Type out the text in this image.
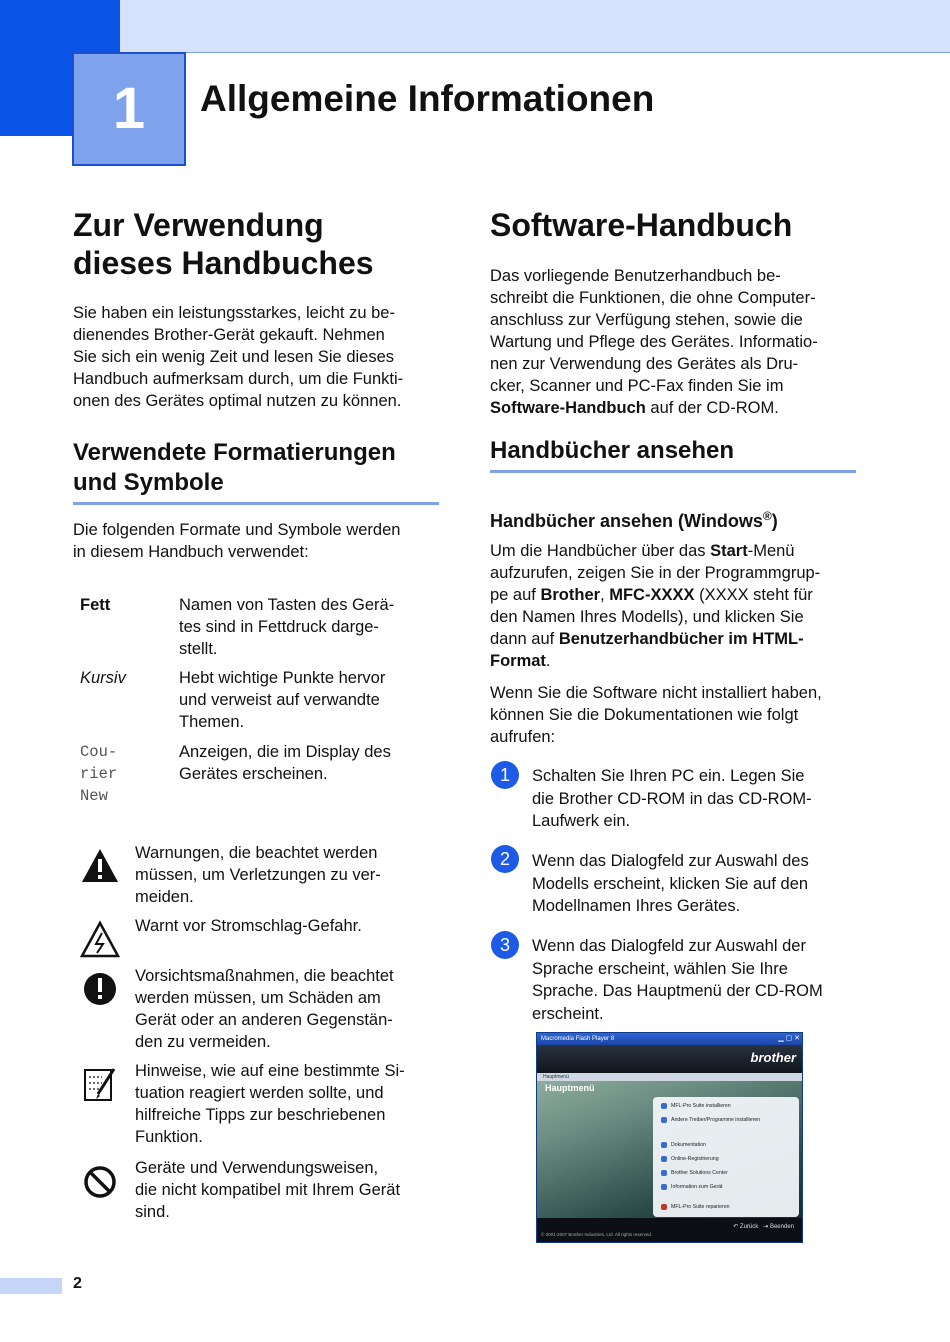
1	Allgemeine Informationen
Zur Verwendung
dieses Handbuches
Sie haben ein leistungsstarkes, leicht zu be-
dienendes Brother-Gerät gekauft. Nehmen
Sie sich ein wenig Zeit und lesen Sie dieses
Handbuch aufmerksam durch, um die Funkti-
onen des Gerätes optimal nutzen zu können.
Verwendete Formatierungen
und Symbole
Die folgenden Formate und Symbole werden
in diesem Handbuch verwendet:
Fett	Namen von Tasten des Gerä-
tes sind in Fettdruck darge-
stellt.
Kursiv	Hebt wichtige Punkte hervor
und verweist auf verwandte
Themen.
Cou-
rier
New
Anzeigen, die im Display des
Gerätes erscheinen.
Warnungen, die beachtet werden
müssen, um Verletzungen zu ver-
meiden.
Warnt vor Stromschlag-Gefahr.
Vorsichtsmaßnahmen, die beachtet
werden müssen, um Schäden am
Gerät oder an anderen Gegenstän-
den zu vermeiden.
Hinweise, wie auf eine bestimmte Si-
tuation reagiert werden sollte, und
hilfreiche Tipps zur beschriebenen
Funktion.
Geräte und Verwendungsweisen,
die nicht kompatibel mit Ihrem Gerät
sind.
Software-Handbuch
Das vorliegende Benutzerhandbuch be-
schreibt die Funktionen, die ohne Computer-
anschluss zur Verfügung stehen, sowie die
Wartung und Pflege des Gerätes. Informatio-
nen zur Verwendung des Gerätes als Dru-
cker, Scanner und PC-Fax finden Sie im
Software-Handbuch auf der CD-ROM.
Handbücher ansehen
Handbücher ansehen (Windows®)
Um die Handbücher über das Start-Menü
aufzurufen, zeigen Sie in der Programmgrup-
pe auf Brother, MFC-XXXX (XXXX steht für
den Namen Ihres Modells), und klicken Sie
dann auf Benutzerhandbücher im HTML-
Format.
Wenn Sie die Software nicht installiert haben,
können Sie die Dokumentationen wie folgt
aufrufen:
1	Schalten Sie Ihren PC ein. Legen Sie
die Brother CD-ROM in das CD-ROM-
Laufwerk ein.
2	Wenn das Dialogfeld zur Auswahl des
Modells erscheint, klicken Sie auf den
Modellnamen Ihres Gerätes.
3	Wenn das Dialogfeld zur Auswahl der
Sprache erscheint, wählen Sie Ihre
Sprache. Das Hauptmenü der CD-ROM
erscheint.
Macromedia Flash Player 8	▁ ▢ ✕
brother
Hauptmenü
Hauptmenü
MFL-Pro Suite installieren
Andere Treiber/Programme installieren
Dokumentation
Online-Registrierung
Brother Solutions Center
Information zum Gerät
MFL-Pro Suite reparieren
© 2001-2007 Brother Industries, Ltd. All rights reserved.
↶ Zurück   ⇥ Beenden
2
